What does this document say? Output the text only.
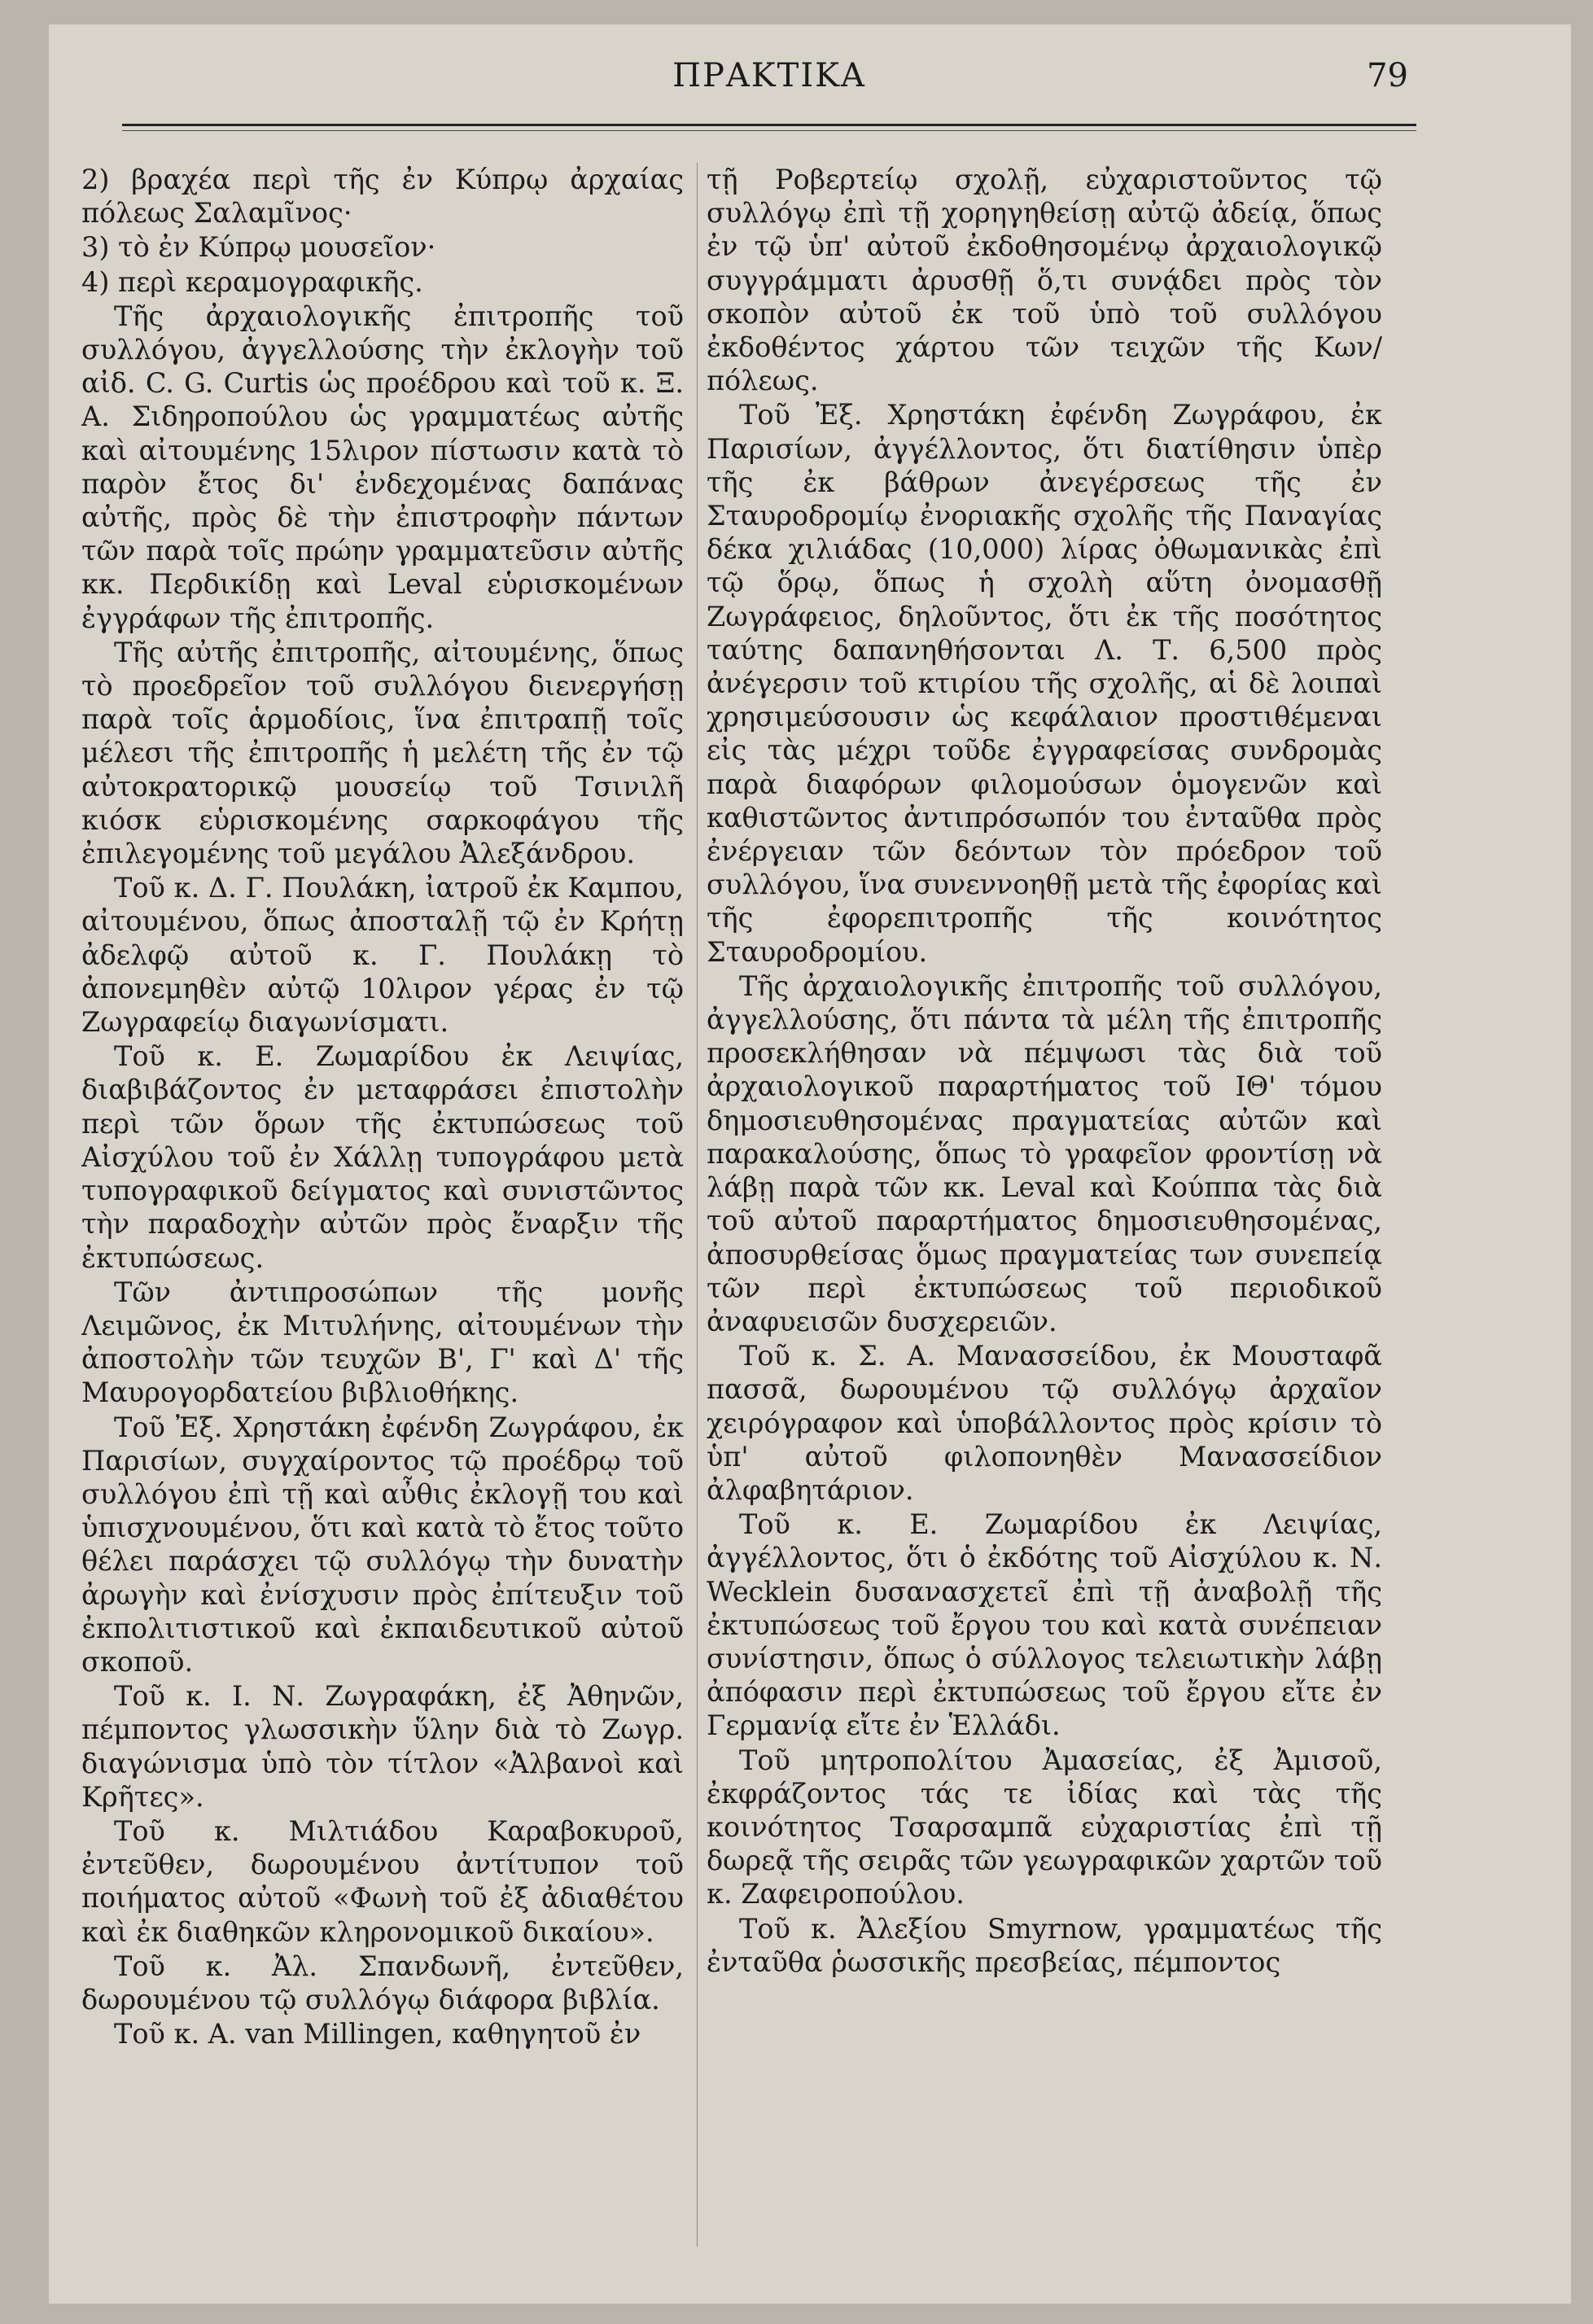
ΠΡΑΚΤΙΚΑ	79

2) βραχέα περὶ τῆς ἐν Κύπρῳ ἀρχαίας πόλεως Σαλαμῖνος·

3) τὸ ἐν Κύπρῳ μουσεῖον·

4) περὶ κεραμογραφικῆς.

Τῆς ἀρχαιολογικῆς ἐπιτροπῆς τοῦ συλλόγου, ἀγγελλούσης τὴν ἐκλογὴν τοῦ αἰδ. C. G. Curtis ὡς προέδρου καὶ τοῦ κ. Ξ. Α. Σιδηροπούλου ὡς γραμματέως αὐτῆς καὶ αἰτουμένης 15λιρον πίστωσιν κατὰ τὸ παρὸν ἔτος δι' ἐνδεχομένας δαπάνας αὐτῆς, πρὸς δὲ τὴν ἐπιστροφὴν πάντων τῶν παρὰ τοῖς πρώην γραμματεῦσιν αὐτῆς κκ. Περδικίδῃ καὶ Leval εὑρισκομένων ἐγγράφων τῆς ἐπιτροπῆς.

Τῆς αὐτῆς ἐπιτροπῆς, αἰτουμένης, ὅπως τὸ προεδρεῖον τοῦ συλλόγου διενεργήσῃ παρὰ τοῖς ἁρμοδίοις, ἵνα ἐπιτραπῇ τοῖς μέλεσι τῆς ἐπιτροπῆς ἡ μελέτη τῆς ἐν τῷ αὐτοκρατορικῷ μουσείῳ τοῦ Τσινιλῆ κιόσκ εὑρισκομένης σαρκοφάγου τῆς ἐπιλεγομένης τοῦ μεγάλου Ἀλεξάνδρου.

Τοῦ κ. Δ. Γ. Πουλάκη, ἰατροῦ ἐκ Καμπου, αἰτουμένου, ὅπως ἀποσταλῇ τῷ ἐν Κρήτῃ ἀδελφῷ αὐτοῦ κ. Γ. Πουλάκῃ τὸ ἀπονεμηθὲν αὐτῷ 10λιρον γέρας ἐν τῷ Ζωγραφείῳ διαγωνίσματι.

Τοῦ κ. Ε. Ζωμαρίδου ἐκ Λειψίας, διαβιβάζοντος ἐν μεταφράσει ἐπιστολὴν περὶ τῶν ὅρων τῆς ἐκτυπώσεως τοῦ Αἰσχύλου τοῦ ἐν Χάλλῃ τυπογράφου μετὰ τυπογραφικοῦ δείγματος καὶ συνιστῶντος τὴν παραδοχὴν αὐτῶν πρὸς ἔναρξιν τῆς ἐκτυπώσεως.

Τῶν ἀντιπροσώπων τῆς μονῆς Λειμῶνος, ἐκ Μιτυλήνης, αἰτουμένων τὴν ἀποστολὴν τῶν τευχῶν Β', Γ' καὶ Δ' τῆς Μαυρογορδατείου βιβλιοθήκης.

Τοῦ Ἐξ. Χρηστάκη ἐφένδη Ζωγράφου, ἐκ Παρισίων, συγχαίροντος τῷ προέδρῳ τοῦ συλλόγου ἐπὶ τῇ καὶ αὖθις ἐκλογῇ του καὶ ὑπισχνουμένου, ὅτι καὶ κατὰ τὸ ἔτος τοῦτο θέλει παράσχει τῷ συλλόγῳ τὴν δυνατὴν ἀρωγὴν καὶ ἐνίσχυσιν πρὸς ἐπίτευξιν τοῦ ἐκπολιτιστικοῦ καὶ ἐκπαιδευτικοῦ αὐτοῦ σκοποῦ.

Τοῦ κ. Ι. Ν. Ζωγραφάκη, ἐξ Ἀθηνῶν, πέμποντος γλωσσικὴν ὕλην διὰ τὸ Ζωγρ. διαγώνισμα ὑπὸ τὸν τίτλον «Ἀλβανοὶ καὶ Κρῆτες».

Τοῦ κ. Μιλτιάδου Καραβοκυροῦ, ἐντεῦθεν, δωρουμένου ἀντίτυπον τοῦ ποιήματος αὐτοῦ «Φωνὴ τοῦ ἐξ ἀδιαθέτου καὶ ἐκ διαθηκῶν κληρονομικοῦ δικαίου».

Τοῦ κ. Ἀλ. Σπανδωνῆ, ἐντεῦθεν, δωρουμένου τῷ συλλόγῳ διάφορα βιβλία.

Τοῦ κ. A. van Millingen, καθηγητοῦ ἐν

τῇ Ροβερτείῳ σχολῇ, εὐχαριστοῦντος τῷ συλλόγῳ ἐπὶ τῇ χορηγηθείσῃ αὐτῷ ἀδείᾳ, ὅπως ἐν τῷ ὑπ' αὐτοῦ ἐκδοθησομένῳ ἀρχαιολογικῷ συγγράμματι ἀρυσθῇ ὅ,τι συνᾴδει πρὸς τὸν σκοπὸν αὐτοῦ ἐκ τοῦ ὑπὸ τοῦ συλλόγου ἐκδοθέντος χάρτου τῶν τειχῶν τῆς Κων/πόλεως.

Τοῦ Ἐξ. Χρηστάκη ἐφένδη Ζωγράφου, ἐκ Παρισίων, ἀγγέλλοντος, ὅτι διατίθησιν ὑπὲρ τῆς ἐκ βάθρων ἀνεγέρσεως τῆς ἐν Σταυροδρομίῳ ἐνοριακῆς σχολῆς τῆς Παναγίας δέκα χιλιάδας (10,000) λίρας ὀθωμανικὰς ἐπὶ τῷ ὅρῳ, ὅπως ἡ σχολὴ αὕτη ὀνομασθῇ Ζωγράφειος, δηλοῦντος, ὅτι ἐκ τῆς ποσότητος ταύτης δαπανηθήσονται Λ. Τ. 6,500 πρὸς ἀνέγερσιν τοῦ κτιρίου τῆς σχολῆς, αἱ δὲ λοιπαὶ χρησιμεύσουσιν ὡς κεφάλαιον προστιθέμεναι εἰς τὰς μέχρι τοῦδε ἐγγραφείσας συνδρομὰς παρὰ διαφόρων φιλομούσων ὁμογενῶν καὶ καθιστῶντος ἀντιπρόσωπόν του ἐνταῦθα πρὸς ἐνέργειαν τῶν δεόντων τὸν πρόεδρον τοῦ συλλόγου, ἵνα συνεννοηθῇ μετὰ τῆς ἐφορίας καὶ τῆς ἐφορεπιτροπῆς τῆς κοινότητος Σταυροδρομίου.

Τῆς ἀρχαιολογικῆς ἐπιτροπῆς τοῦ συλλόγου, ἀγγελλούσης, ὅτι πάντα τὰ μέλη τῆς ἐπιτροπῆς προσεκλήθησαν νὰ πέμψωσι τὰς διὰ τοῦ ἀρχαιολογικοῦ παραρτήματος τοῦ ΙΘ' τόμου δημοσιευθησομένας πραγματείας αὐτῶν καὶ παρακαλούσης, ὅπως τὸ γραφεῖον φροντίσῃ νὰ λάβῃ παρὰ τῶν κκ. Leval καὶ Κούππα τὰς διὰ τοῦ αὐτοῦ παραρτήματος δημοσιευθησομένας, ἀποσυρθείσας ὅμως πραγματείας των συνεπείᾳ τῶν περὶ ἐκτυπώσεως τοῦ περιοδικοῦ ἀναφυεισῶν δυσχερειῶν.

Τοῦ κ. Σ. Α. Μανασσείδου, ἐκ Μουσταφᾶ πασσᾶ, δωρουμένου τῷ συλλόγῳ ἀρχαῖον χειρόγραφον καὶ ὑποβάλλοντος πρὸς κρίσιν τὸ ὑπ' αὐτοῦ φιλοπονηθὲν Μανασσείδιον ἀλφαβητάριον.

Τοῦ κ. Ε. Ζωμαρίδου ἐκ Λειψίας, ἀγγέλλοντος, ὅτι ὁ ἐκδότης τοῦ Αἰσχύλου κ. Ν. Wecklein δυσανασχετεῖ ἐπὶ τῇ ἀναβολῇ τῆς ἐκτυπώσεως τοῦ ἔργου του καὶ κατὰ συνέπειαν συνίστησιν, ὅπως ὁ σύλλογος τελειωτικὴν λάβῃ ἀπόφασιν περὶ ἐκτυπώσεως τοῦ ἔργου εἴτε ἐν Γερμανίᾳ εἴτε ἐν Ἑλλάδι.

Τοῦ μητροπολίτου Ἀμασείας, ἐξ Ἀμισοῦ, ἐκφράζοντος τάς τε ἰδίας καὶ τὰς τῆς κοινότητος Τσαρσαμπᾶ εὐχαριστίας ἐπὶ τῇ δωρεᾷ τῆς σειρᾶς τῶν γεωγραφικῶν χαρτῶν τοῦ κ. Ζαφειροπούλου.

Τοῦ κ. Ἀλεξίου Smyrnow, γραμματέως τῆς ἐνταῦθα ῥωσσικῆς πρεσβείας, πέμποντος
